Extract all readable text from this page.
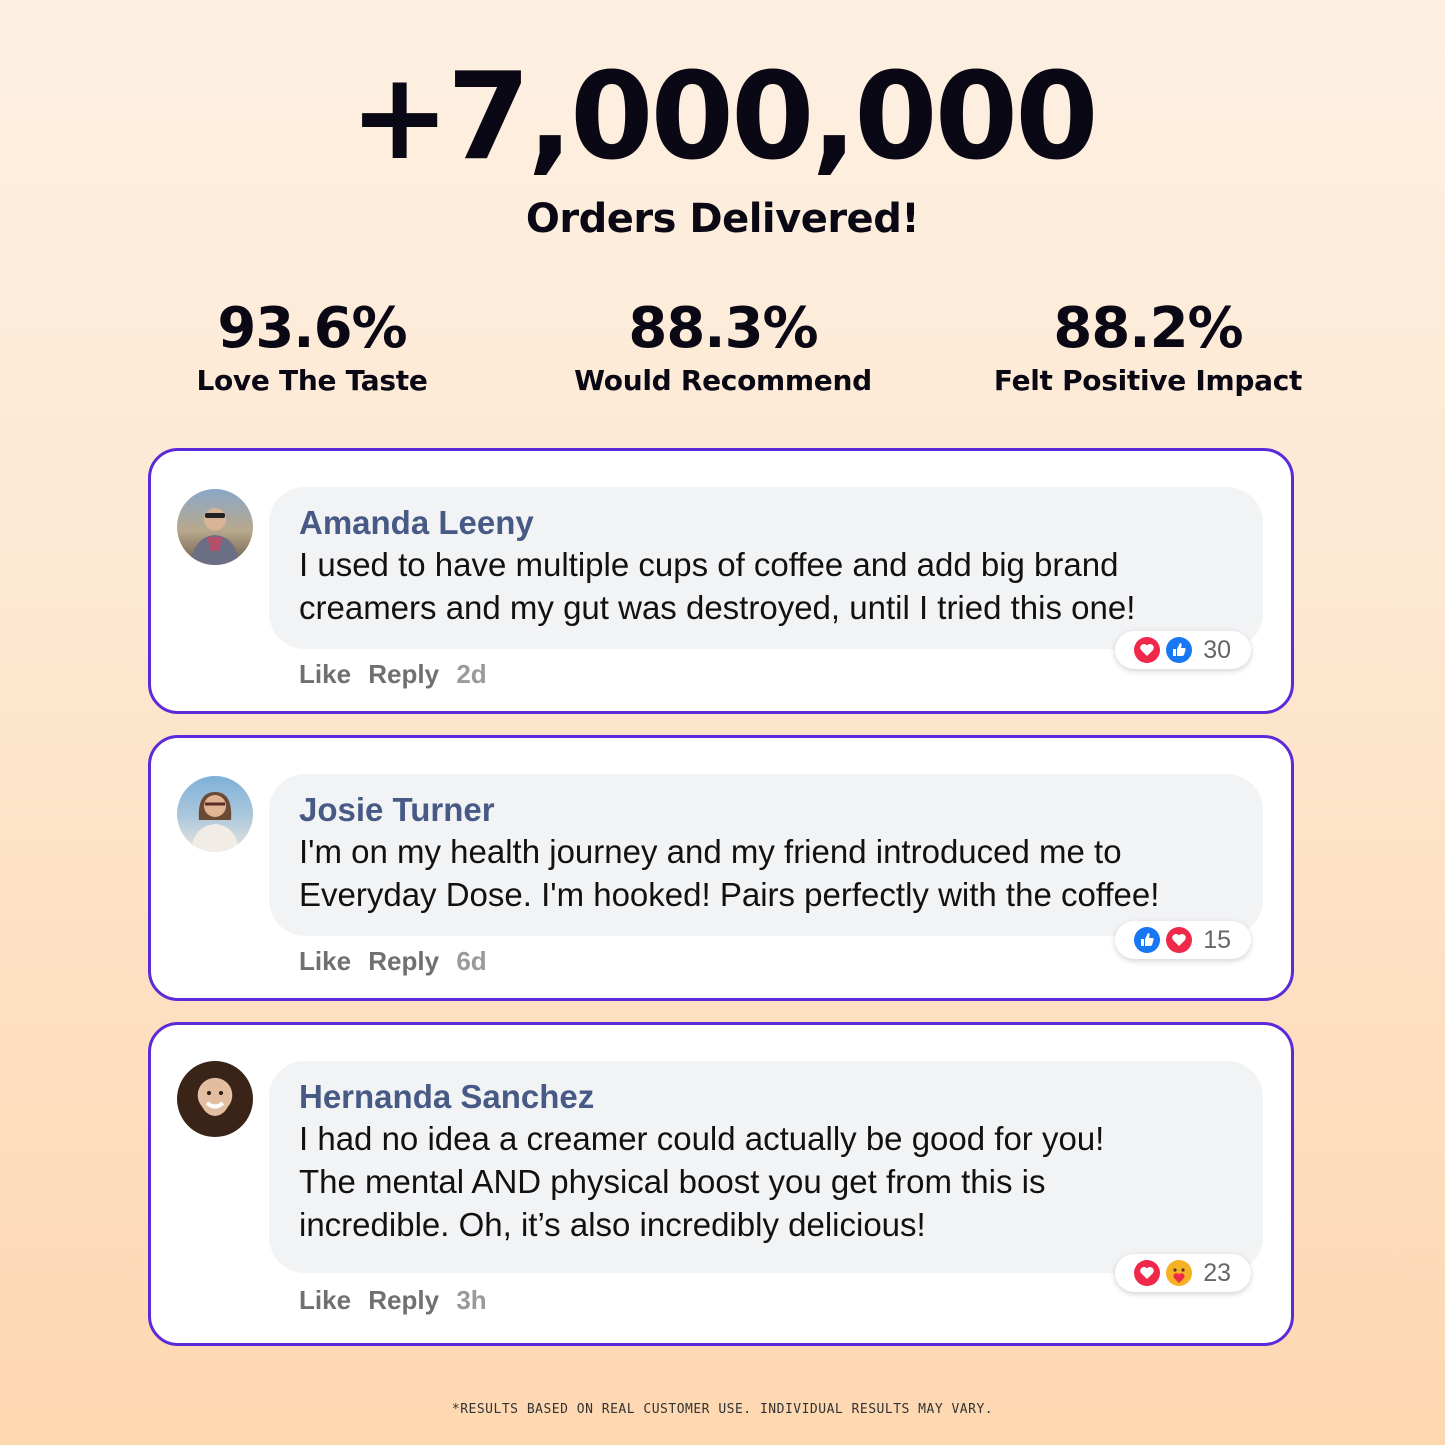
+7,000,000
Orders Delivered!
93.6%
Love The Taste
88.3%
Would Recommend
88.2%
Felt Positive Impact
Amanda Leeny
I used to have multiple cups of coffee and add big brand
creamers and my gut was destroyed, until I tried this one!
30
Like Reply 2d
Josie Turner
I'm on my health journey and my friend introduced me to
Everyday Dose. I'm hooked! Pairs perfectly with the coffee!
15
Like Reply 6d
Hernanda Sanchez
I had no idea a creamer could actually be good for you!
The mental AND physical boost you get from this is
incredible. Oh, it’s also incredibly delicious!
23
Like Reply 3h
*RESULTS BASED ON REAL CUSTOMER USE. INDIVIDUAL RESULTS MAY VARY.
